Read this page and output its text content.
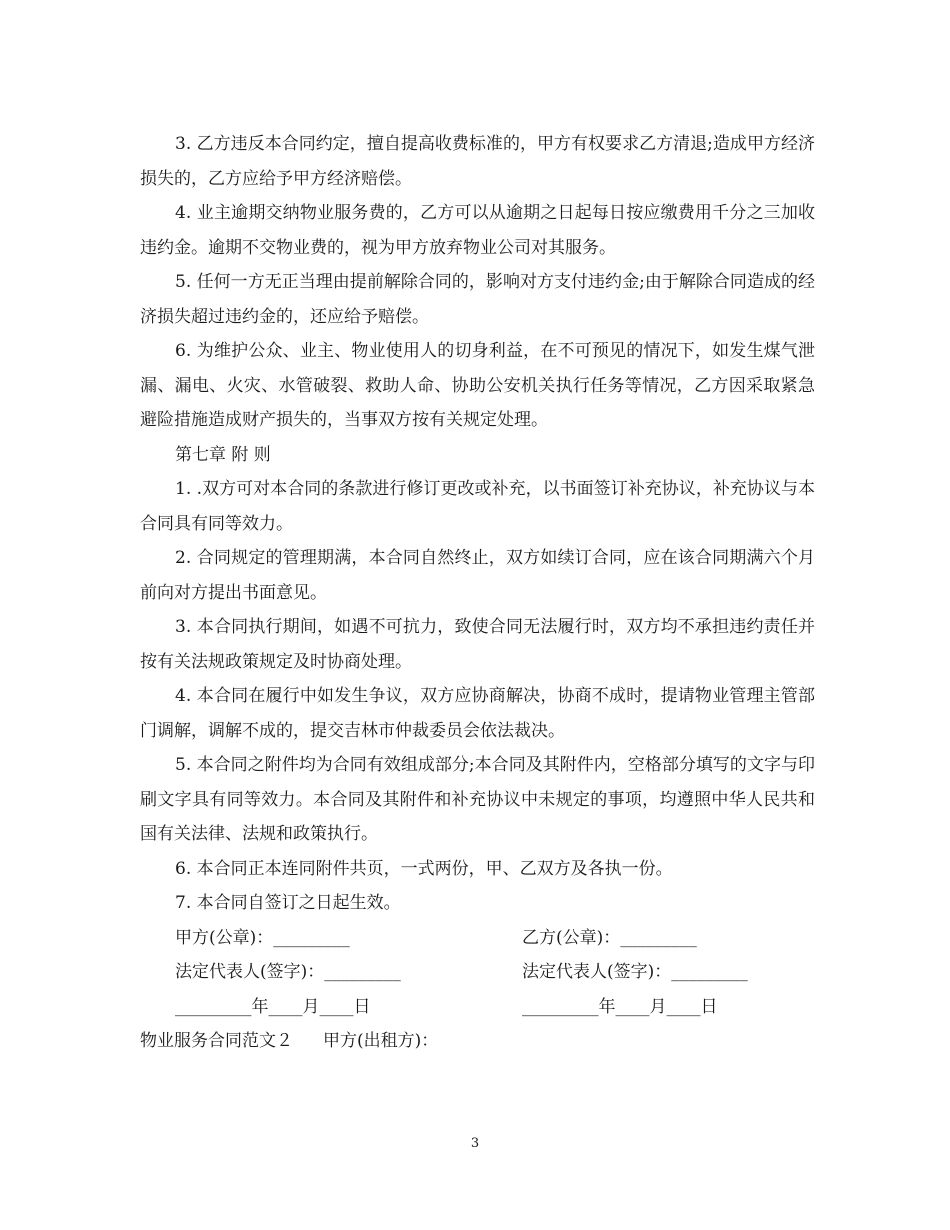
3. 乙方违反本合同约定，擅自提高收费标准的，甲方有权要求乙方清退;造成甲方经济损失的，乙方应给予甲方经济赔偿。

4. 业主逾期交纳物业服务费的，乙方可以从逾期之日起每日按应缴费用千分之三加收违约金。逾期不交物业费的，视为甲方放弃物业公司对其服务。

5. 任何一方无正当理由提前解除合同的，影响对方支付违约金;由于解除合同造成的经济损失超过违约金的，还应给予赔偿。

6. 为维护公众、业主、物业使用人的切身利益，在不可预见的情况下，如发生煤气泄漏、漏电、火灾、水管破裂、救助人命、协助公安机关执行任务等情况，乙方因采取紧急避险措施造成财产损失的，当事双方按有关规定处理。

第七章 附 则

1. .双方可对本合同的条款进行修订更改或补充，以书面签订补充协议，补充协议与本合同具有同等效力。

2. 合同规定的管理期满，本合同自然终止，双方如续订合同，应在该合同期满六个月前向对方提出书面意见。

3. 本合同执行期间，如遇不可抗力，致使合同无法履行时，双方均不承担违约责任并按有关法规政策规定及时协商处理。

4. 本合同在履行中如发生争议，双方应协商解决，协商不成时，提请物业管理主管部门调解，调解不成的，提交吉林市仲裁委员会依法裁决。

5. 本合同之附件均为合同有效组成部分;本合同及其附件内，空格部分填写的文字与印刷文字具有同等效力。本合同及其附件和补充协议中未规定的事项，均遵照中华人民共和国有关法律、法规和政策执行。

6. 本合同正本连同附件共页，一式两份，甲、乙双方及各执一份。

7. 本合同自签订之日起生效。

甲方(公章)：_________	乙方(公章)：_________
法定代表人(签字)：_________	法定代表人(签字)：_________
_________年____月____日	_________年____月____日

物业服务合同范文２ 甲方(出租方)：

3
